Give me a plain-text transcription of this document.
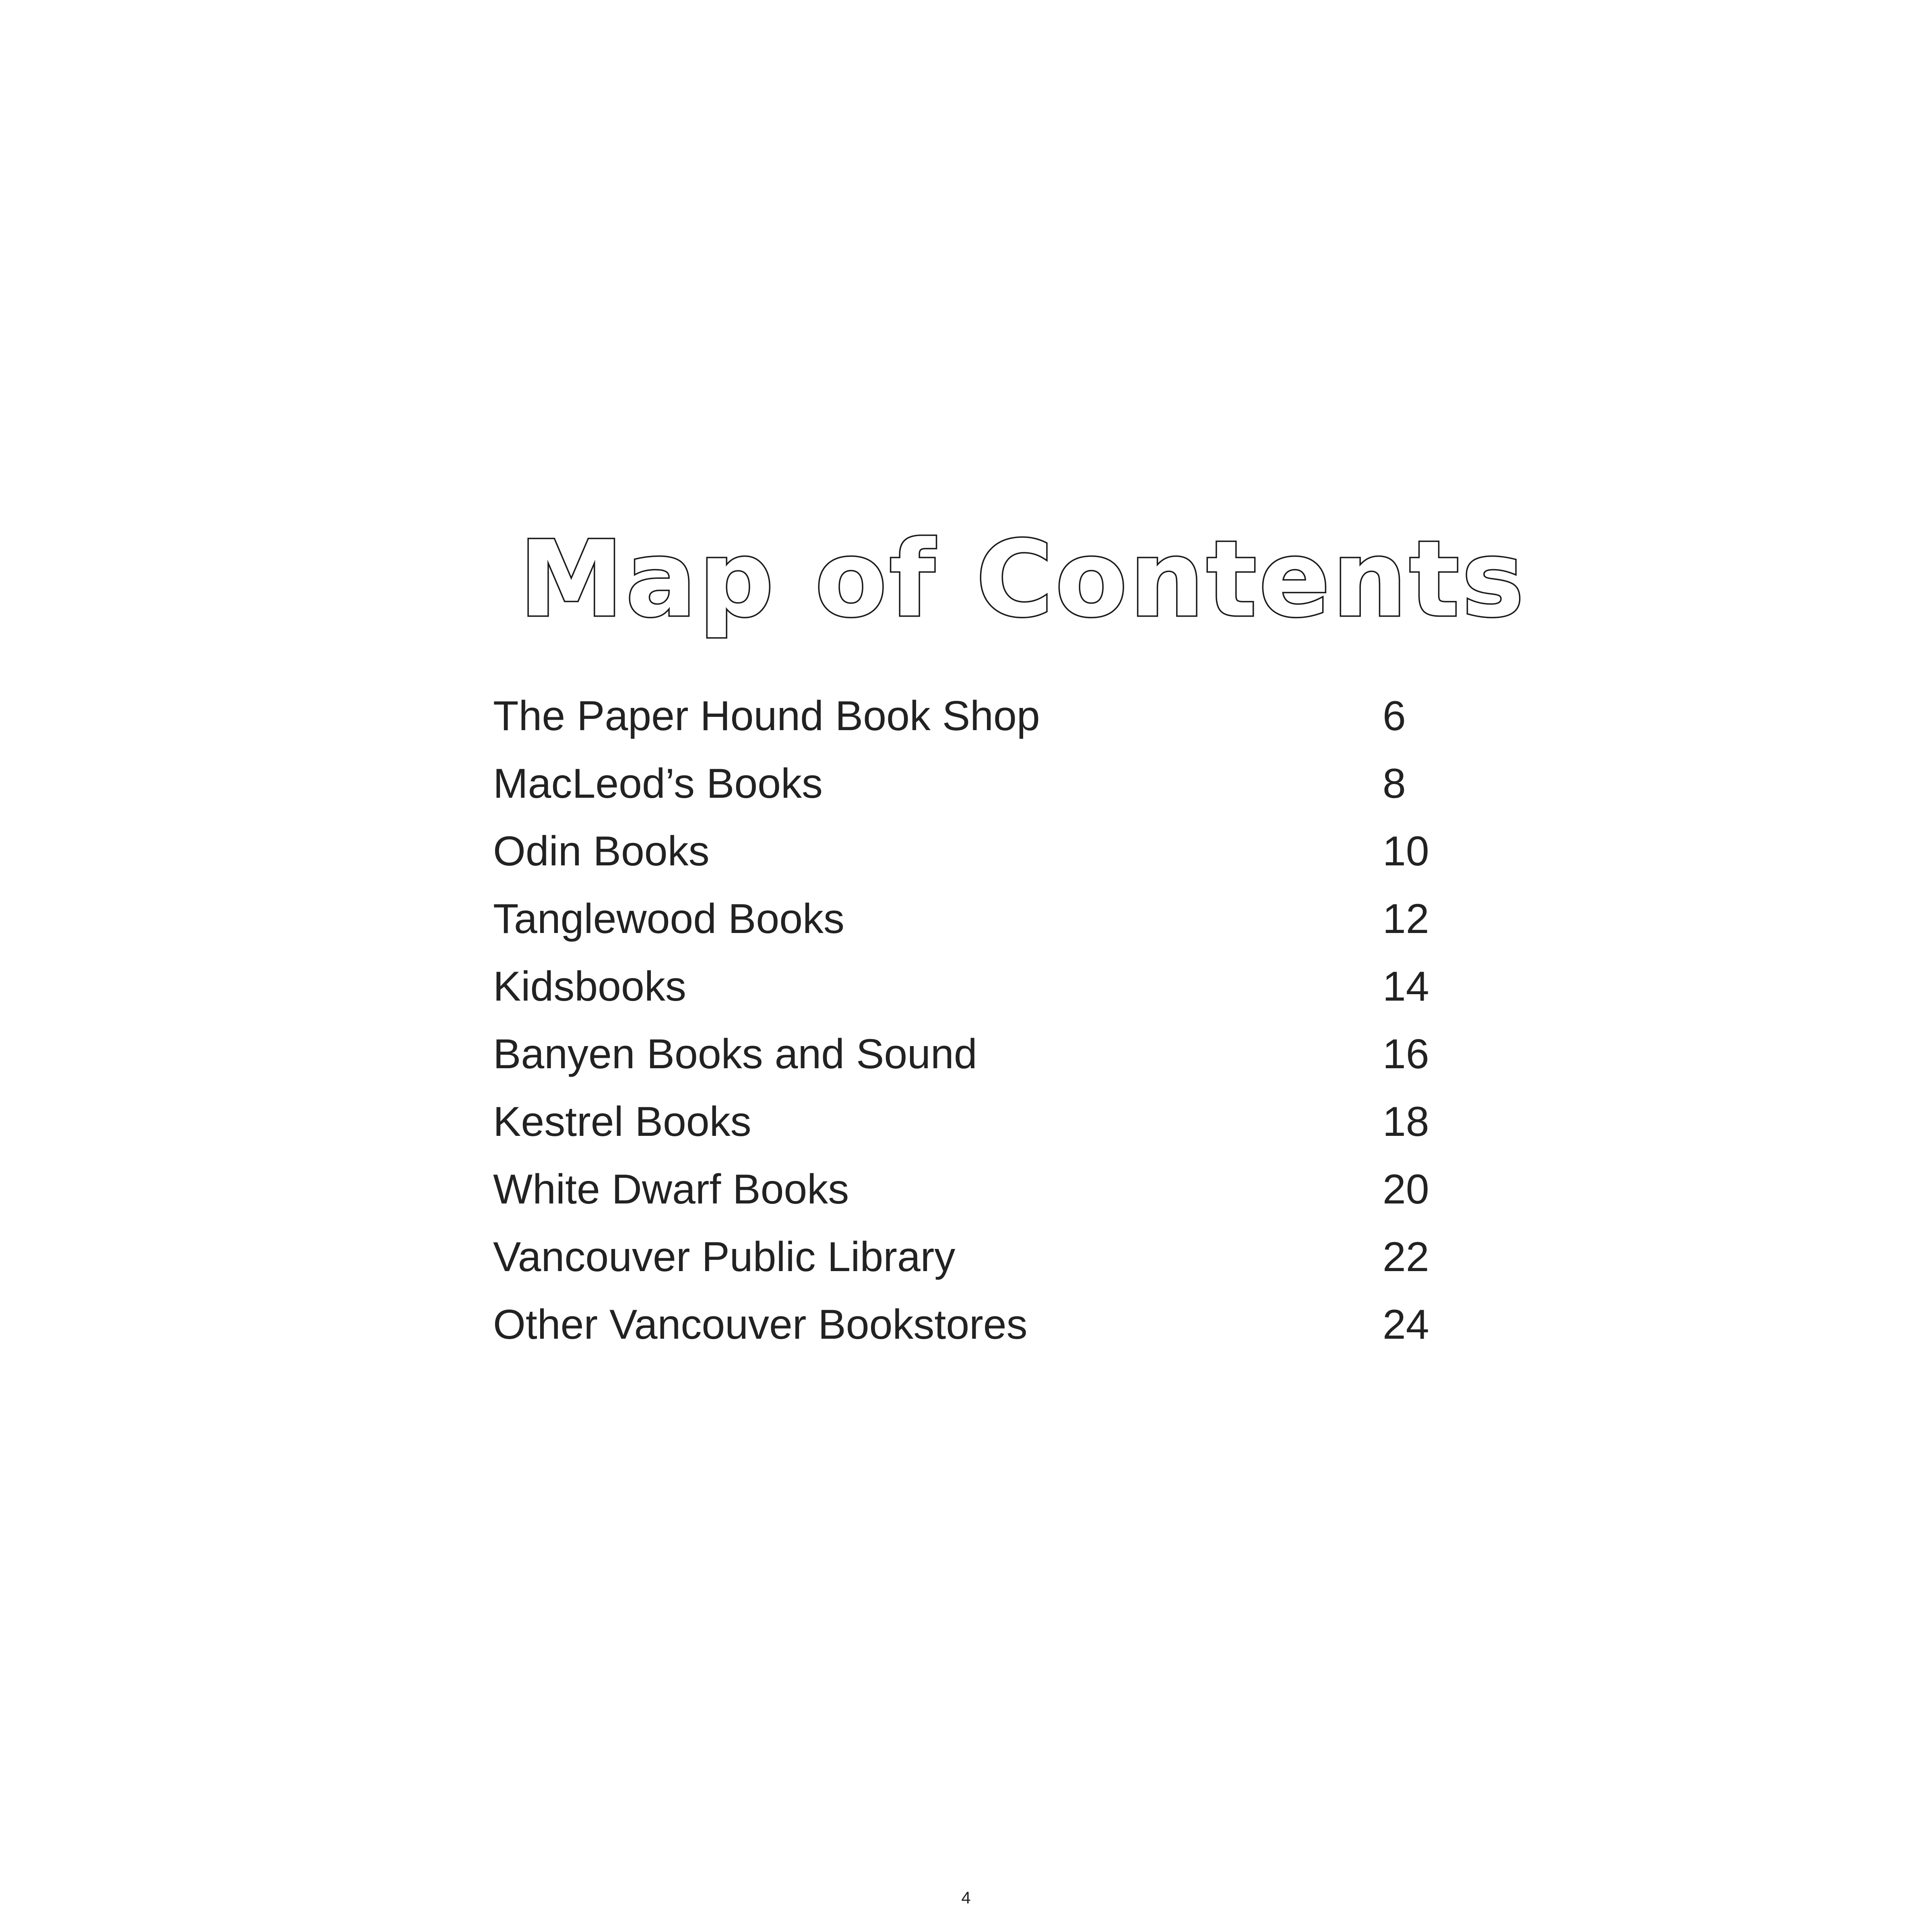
Map of Contents
The Paper Hound Book Shop	6
MacLeod’s Books	8
Odin Books	10
Tanglewood Books	12
Kidsbooks	14
Banyen Books and Sound	16
Kestrel Books	18
White Dwarf Books	20
Vancouver Public Library	22
Other Vancouver Bookstores	24
4
